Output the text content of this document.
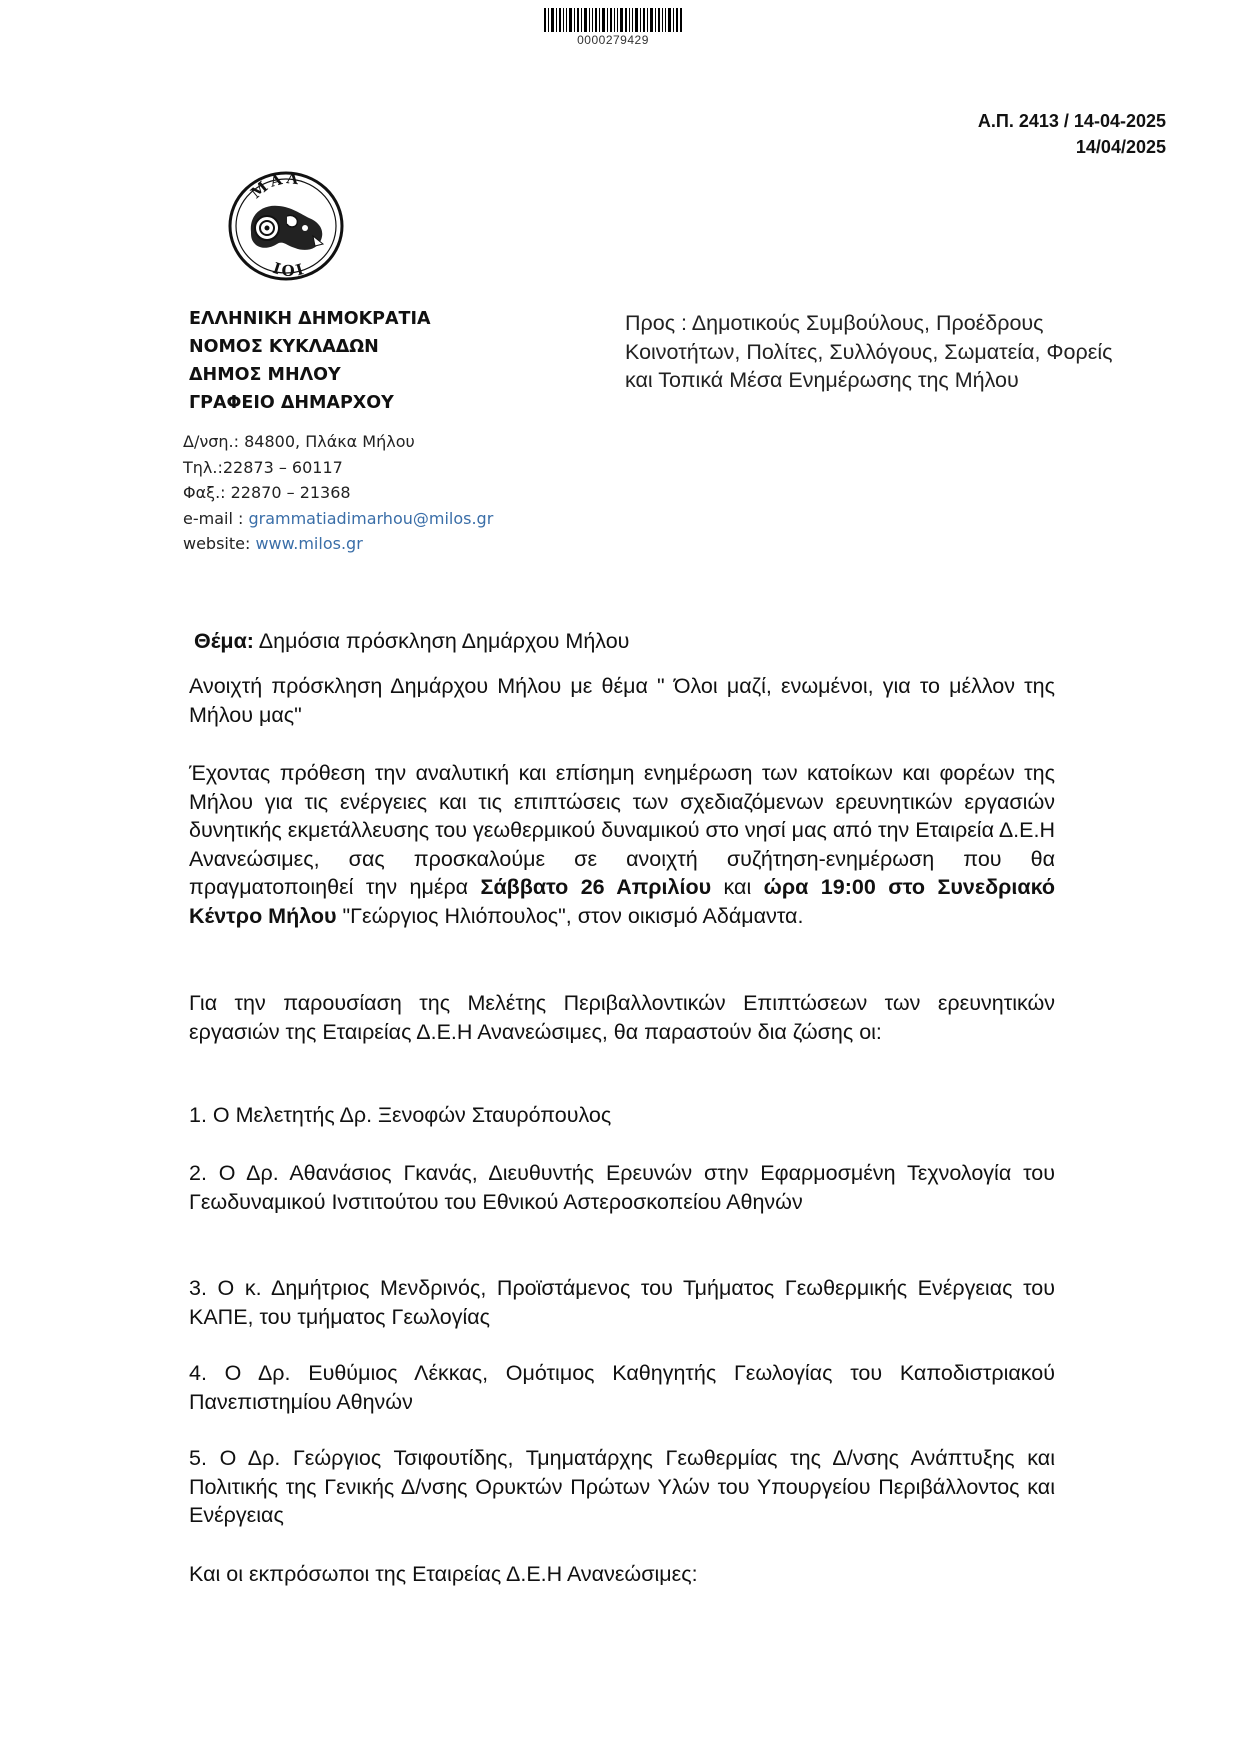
0000279429
Α.Π. 2413 / 14-04-2025
14/04/2025
ΜΑΛ
ΙΟΙ
ΕΛΛΗΝΙΚΗ ΔΗΜΟΚΡΑΤΙΑ
ΝΟΜΟΣ ΚΥΚΛΑΔΩΝ
ΔΗΜΟΣ ΜΗΛΟΥ
ΓΡΑΦΕΙΟ ΔΗΜΑΡΧΟΥ
Δ/νση.: 84800, Πλάκα Μήλου
Τηλ.:22873 – 60117
Φαξ.: 22870 – 21368
e-mail : grammatiadimarhou@milos.gr
website: www.milos.gr
Προς : Δημοτικούς Συμβούλους, Προέδρους
Κοινοτήτων, Πολίτες, Συλλόγους, Σωματεία, Φορείς
και Τοπικά Μέσα Ενημέρωσης της Μήλου
Θέμα: Δημόσια πρόσκληση Δημάρχου Μήλου
Ανοιχτή πρόσκληση Δημάρχου Μήλου με θέμα " Όλοι μαζί, ενωμένοι, για το μέλλον της Μήλου μας"
Έχοντας πρόθεση την αναλυτική και επίσημη ενημέρωση των κατοίκων και φορέων της Μήλου για τις ενέργειες και τις επιπτώσεις των σχεδιαζόμενων ερευνητικών εργασιών δυνητικής εκμετάλλευσης του γεωθερμικού δυναμικού στο νησί μας από την Εταιρεία Δ.Ε.Η Ανανεώσιμες, σας προσκαλούμε σε ανοιχτή συζήτηση-ενημέρωση που θα πραγματοποιηθεί την ημέρα Σάββατο 26 Απριλίου και ώρα 19:00 στο Συνεδριακό Κέντρο Μήλου "Γεώργιος Ηλιόπουλος", στον οικισμό Αδάμαντα.
Για την παρουσίαση της Μελέτης Περιβαλλοντικών Επιπτώσεων των ερευνητικών εργασιών της Εταιρείας Δ.Ε.Η Ανανεώσιμες, θα παραστούν δια ζώσης οι:
1. Ο Μελετητής Δρ. Ξενοφών Σταυρόπουλος
2. Ο Δρ. Αθανάσιος Γκανάς, Διευθυντής Ερευνών στην Εφαρμοσμένη Τεχνολογία του Γεωδυναμικού Ινστιτούτου του Εθνικού Αστεροσκοπείου Αθηνών
3. Ο κ. Δημήτριος Μενδρινός, Προϊστάμενος του Τμήματος Γεωθερμικής Ενέργειας του ΚΑΠΕ, του τμήματος Γεωλογίας
4. Ο Δρ. Ευθύμιος Λέκκας, Ομότιμος Καθηγητής Γεωλογίας του Καποδιστριακού Πανεπιστημίου Αθηνών
5. Ο Δρ. Γεώργιος Τσιφουτίδης, Τμηματάρχης Γεωθερμίας της Δ/νσης Ανάπτυξης και Πολιτικής της Γενικής Δ/νσης Ορυκτών Πρώτων Υλών του Υπουργείου Περιβάλλοντος και Ενέργειας
Και οι εκπρόσωποι της Εταιρείας Δ.Ε.Η Ανανεώσιμες:
